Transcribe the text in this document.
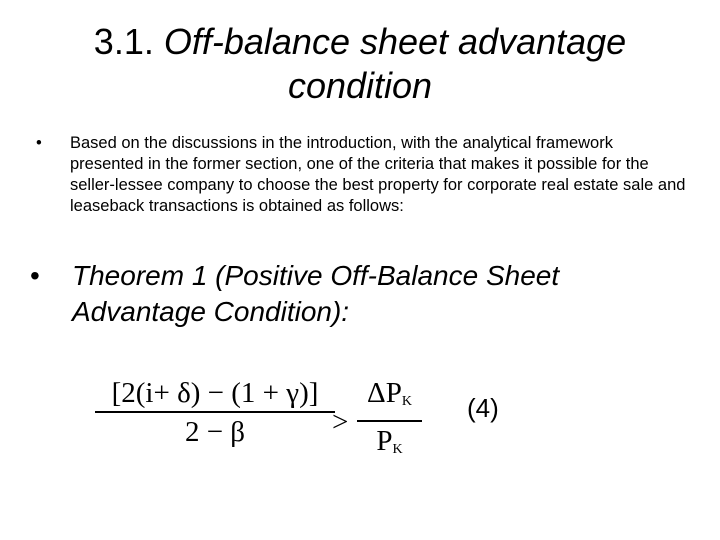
3.1. Off-balance sheet advantage condition
• Based on the discussions in the introduction, with the analytical framework presented in the former section, one of the criteria that makes it possible for the seller-lessee company to choose the best property for corporate real estate sale and leaseback transactions is obtained as follows:
• Theorem 1 (Positive Off-Balance Sheet Advantage Condition):
[2(i+ δ) − (1 + γ)]
2 − β	>
$\Delta P_K$
$P_K$
(4)
